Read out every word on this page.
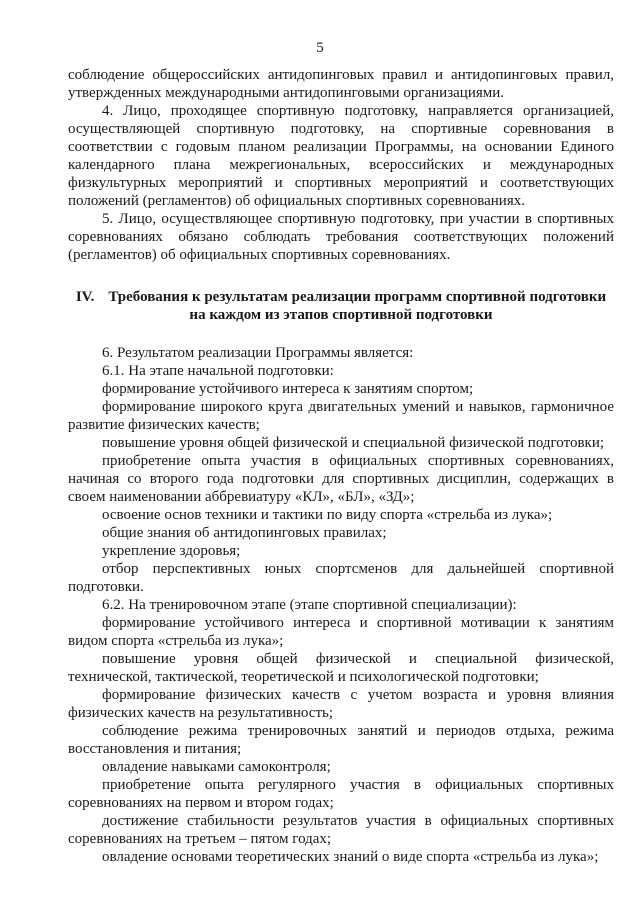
5

соблюдение общероссийских антидопинговых правил и антидопинговых правил, утвержденных международными антидопинговыми организациями.

4. Лицо, проходящее спортивную подготовку, направляется организацией, осуществляющей спортивную подготовку, на спортивные соревнования в соответствии с годовым планом реализации Программы, на основании Единого календарного плана межрегиональных, всероссийских и международных физкультурных мероприятий и спортивных мероприятий и соответствующих положений (регламентов) об официальных спортивных соревнованиях.

5. Лицо, осуществляющее спортивную подготовку, при участии в спортивных соревнованиях обязано соблюдать требования соответствующих положений (регламентов) об официальных спортивных соревнованиях.

IV. Требования к результатам реализации программ спортивной подготовки на каждом из этапов спортивной подготовки

6. Результатом реализации Программы является:

6.1. На этапе начальной подготовки:

формирование устойчивого интереса к занятиям спортом;

формирование широкого круга двигательных умений и навыков, гармоничное развитие физических качеств;

повышение уровня общей физической и специальной физической подготовки;

приобретение опыта участия в официальных спортивных соревнованиях, начиная со второго года подготовки для спортивных дисциплин, содержащих в своем наименовании аббревиатуру «КЛ», «БЛ», «ЗД»;

освоение основ техники и тактики по виду спорта «стрельба из лука»;

общие знания об антидопинговых правилах;

укрепление здоровья;

отбор перспективных юных спортсменов для дальнейшей спортивной подготовки.

6.2. На тренировочном этапе (этапе спортивной специализации):

формирование устойчивого интереса и спортивной мотивации к занятиям видом спорта «стрельба из лука»;

повышение уровня общей физической и специальной физической, технической, тактической, теоретической и психологической подготовки;

формирование физических качеств с учетом возраста и уровня влияния физических качеств на результативность;

соблюдение режима тренировочных занятий и периодов отдыха, режима восстановления и питания;

овладение навыками самоконтроля;

приобретение опыта регулярного участия в официальных спортивных соревнованиях на первом и втором годах;

достижение стабильности результатов участия в официальных спортивных соревнованиях на третьем – пятом годах;

овладение основами теоретических знаний о виде спорта «стрельба из лука»;
